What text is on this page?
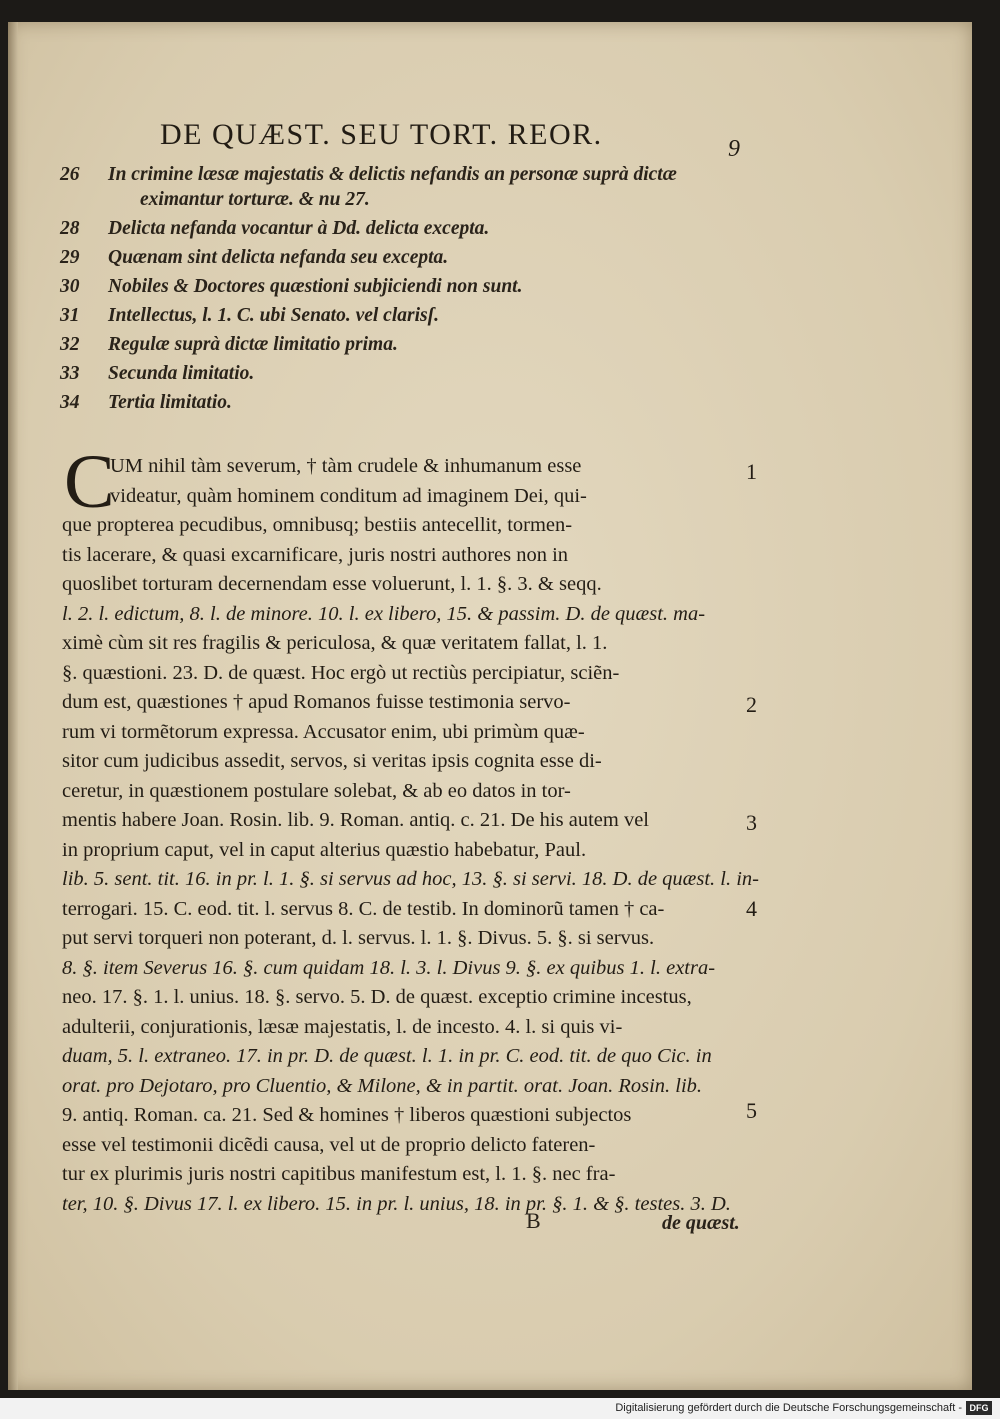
DE QUÆST. SEU TORT. REOR.	9
26	In crimine læsæ majestatis & delictis nefandis an personæ suprà dictæ
eximantur torturæ. & nu 27.
28	Delicta nefanda vocantur à Dd. delicta excepta.
29	Quænam sint delicta nefanda seu excepta.
30	Nobiles & Doctores quæstioni subjiciendi non sunt.
31	Intellectus, l. 1. C. ubi Senato. vel clarisſ.
32	Regulæ suprà dictæ limitatio prima.
33	Secunda limitatio.
34	Tertia limitatio.
C
UM nihil tàm severum, † tàm crudele & inhumanum esse
videatur, quàm hominem conditum ad imaginem Dei, qui-
que propterea pecudibus, omnibusq; bestiis antecellit, tormen-
tis lacerare, & quasi excarnificare, juris nostri authores non in
quoslibet torturam decernendam esse voluerunt, l. 1. §. 3. & seqq.
l. 2. l. edictum, 8. l. de minore. 10. l. ex libero, 15. & passim. D. de quæst. ma-
ximè cùm sit res fragilis & periculosa, & quæ veritatem fallat, l. 1.
§. quæstioni. 23. D. de quæst. Hoc ergò ut rectiùs percipiatur, sciẽn-
dum est, quæstiones † apud Romanos fuisse testimonia servo-
rum vi tormẽtorum expressa. Accusator enim, ubi primùm quæ-
sitor cum judicibus assedit, servos, si veritas ipsis cognita esse di-
ceretur, in quæstionem postulare solebat, & ab eo datos in tor-
mentis habere Joan. Rosin. lib. 9. Roman. antiq. c. 21. De his autem vel
in proprium caput, vel in caput alterius quæstio habebatur, Paul.
lib. 5. sent. tit. 16. in pr. l. 1. §. si servus ad hoc, 13. §. si servi. 18. D. de quæst. l. in-
terrogari. 15. C. eod. tit. l. servus 8. C. de testib. In dominorũ tamen † ca-
put servi torqueri non poterant, d. l. servus. l. 1. §. Divus. 5. §. si servus.
8. §. item Severus 16. §. cum quidam 18. l. 3. l. Divus 9. §. ex quibus 1. l. extra-
neo. 17. §. 1. l. unius. 18. §. servo. 5. D. de quæst. exceptio crimine incestus,
adulterii, conjurationis, læsæ majestatis, l. de incesto. 4. l. si quis vi-
duam, 5. l. extraneo. 17. in pr. D. de quæst. l. 1. in pr. C. eod. tit. de quo Cic. in
orat. pro Dejotaro, pro Cluentio, & Milone, & in partit. orat. Joan. Rosin. lib.
9. antiq. Roman. ca. 21. Sed & homines † liberos quæstioni subjectos
esse vel testimonii dicẽdi causa, vel ut de proprio delicto fateren-
tur ex plurimis juris nostri capitibus manifestum est, l. 1. §. nec fra-
ter, 10. §. Divus 17. l. ex libero. 15. in pr. l. unius, 18. in pr. §. 1. & §. testes. 3. D.
1
2
3
4
5
B	de quæst.
Digitalisierung gefördert durch die Deutsche Forschungsgemeinschaft - DFG
